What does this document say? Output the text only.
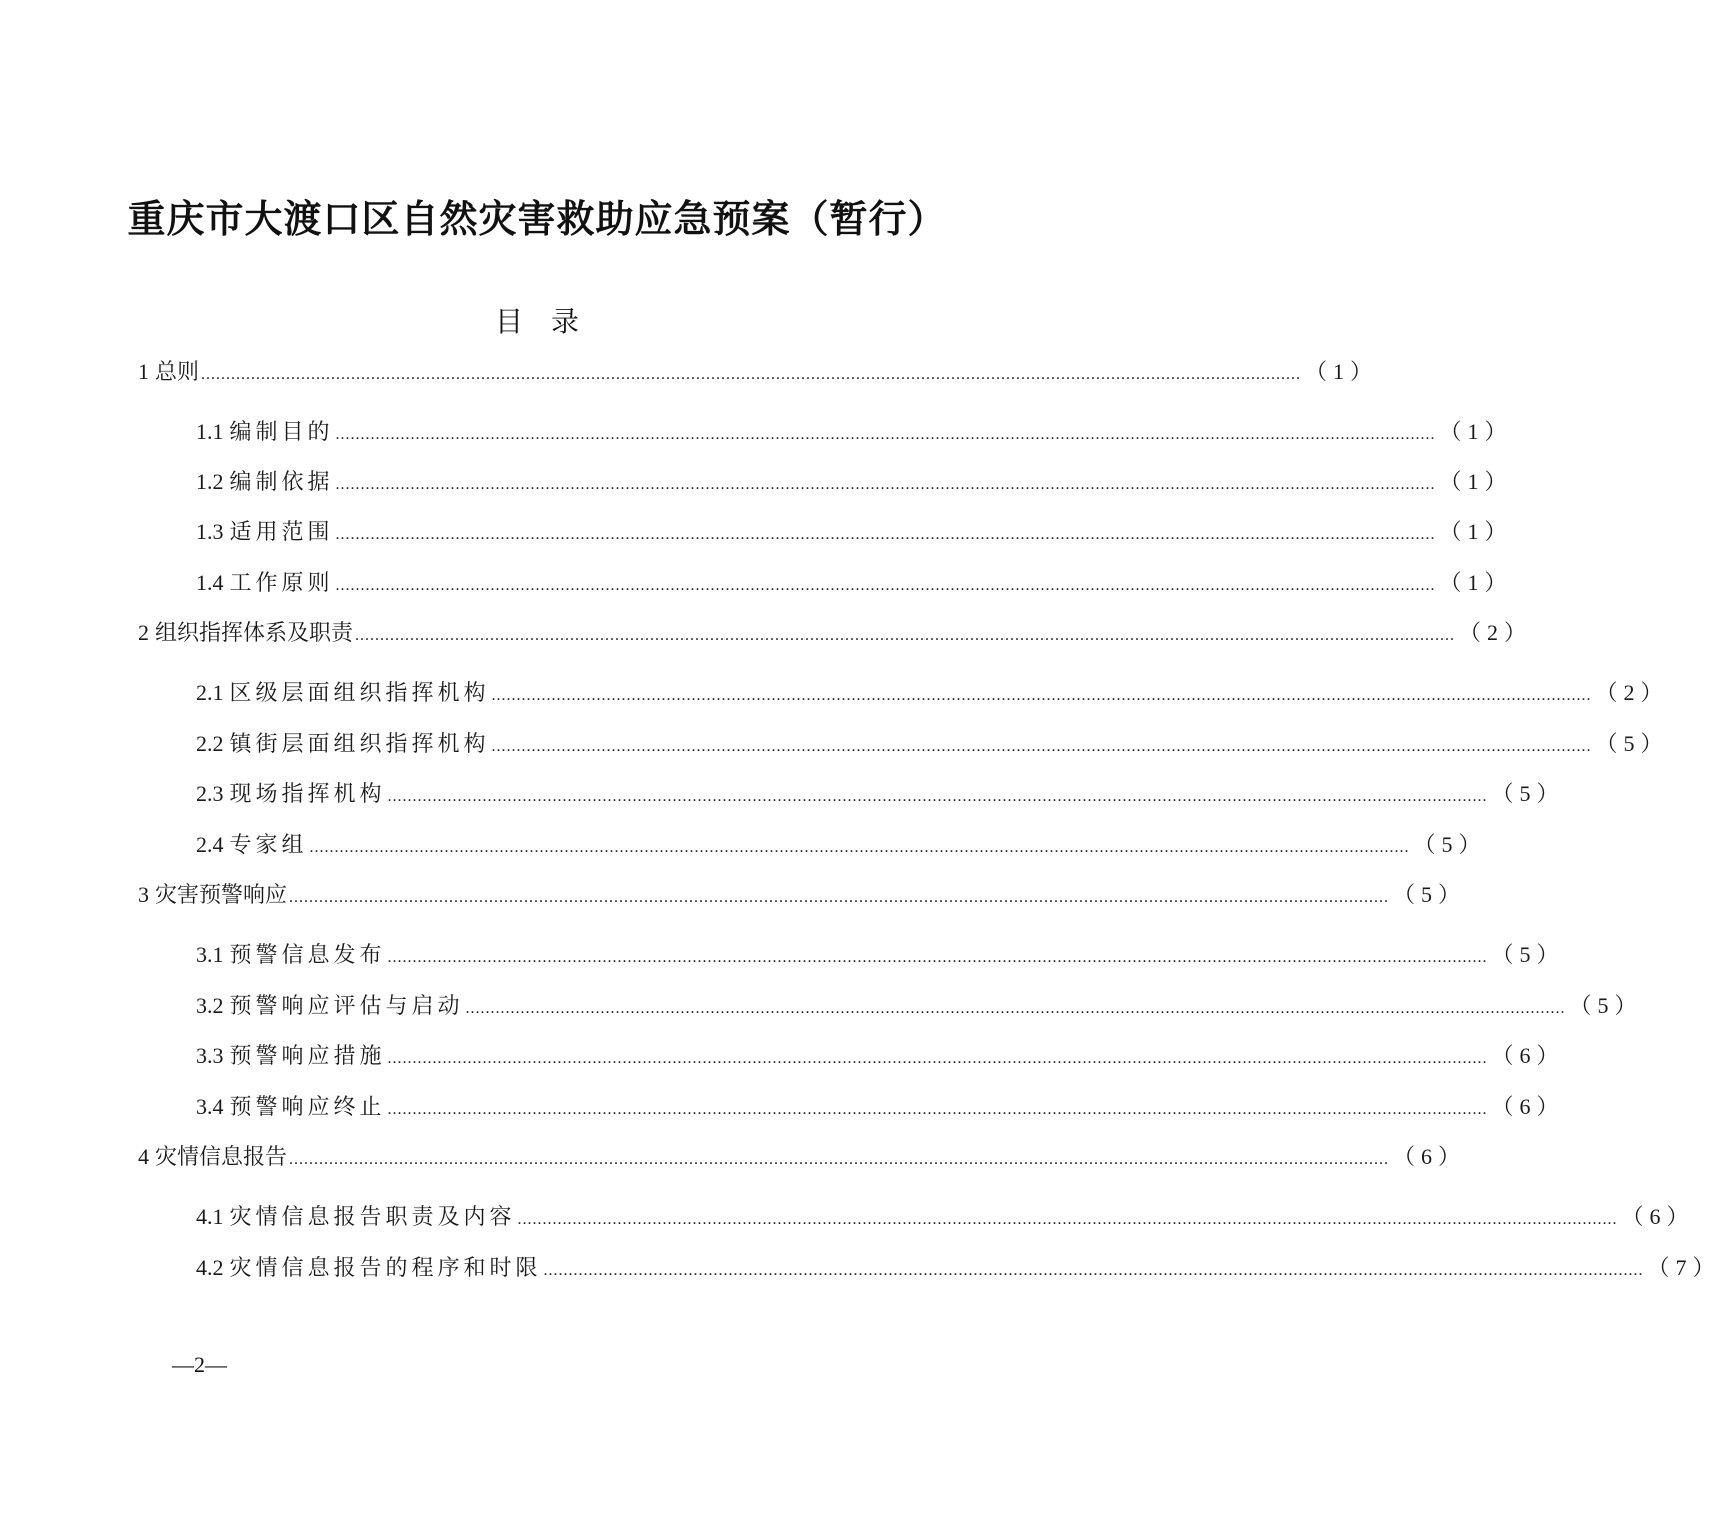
重庆市大渡口区自然灾害救助应急预案（暂行）
目录
1 总则 ............................................................................................................................................................................................................................ （1）
1.1 编制目的 ............................................................................................................................................................................................................................ （1）
1.2 编制依据 ............................................................................................................................................................................................................................ （1）
1.3 适用范围 ............................................................................................................................................................................................................................ （1）
1.4 工作原则 ............................................................................................................................................................................................................................ （1）
2 组织指挥体系及职责 ............................................................................................................................................................................................................................ （2）
2.1 区级层面组织指挥机构 ............................................................................................................................................................................................................................ （2）
2.2 镇街层面组织指挥机构 ............................................................................................................................................................................................................................ （5）
2.3 现场指挥机构 ............................................................................................................................................................................................................................ （5）
2.4 专家组 ............................................................................................................................................................................................................................ （5）
3 灾害预警响应 ............................................................................................................................................................................................................................ （5）
3.1 预警信息发布 ............................................................................................................................................................................................................................ （5）
3.2 预警响应评估与启动 ............................................................................................................................................................................................................................ （5）
3.3 预警响应措施 ............................................................................................................................................................................................................................ （6）
3.4 预警响应终止 ............................................................................................................................................................................................................................ （6）
4 灾情信息报告 ............................................................................................................................................................................................................................ （6）
4.1 灾情信息报告职责及内容 ............................................................................................................................................................................................................................ （6）
4.2 灾情信息报告的程序和时限 ............................................................................................................................................................................................................................ （7）
—2—
